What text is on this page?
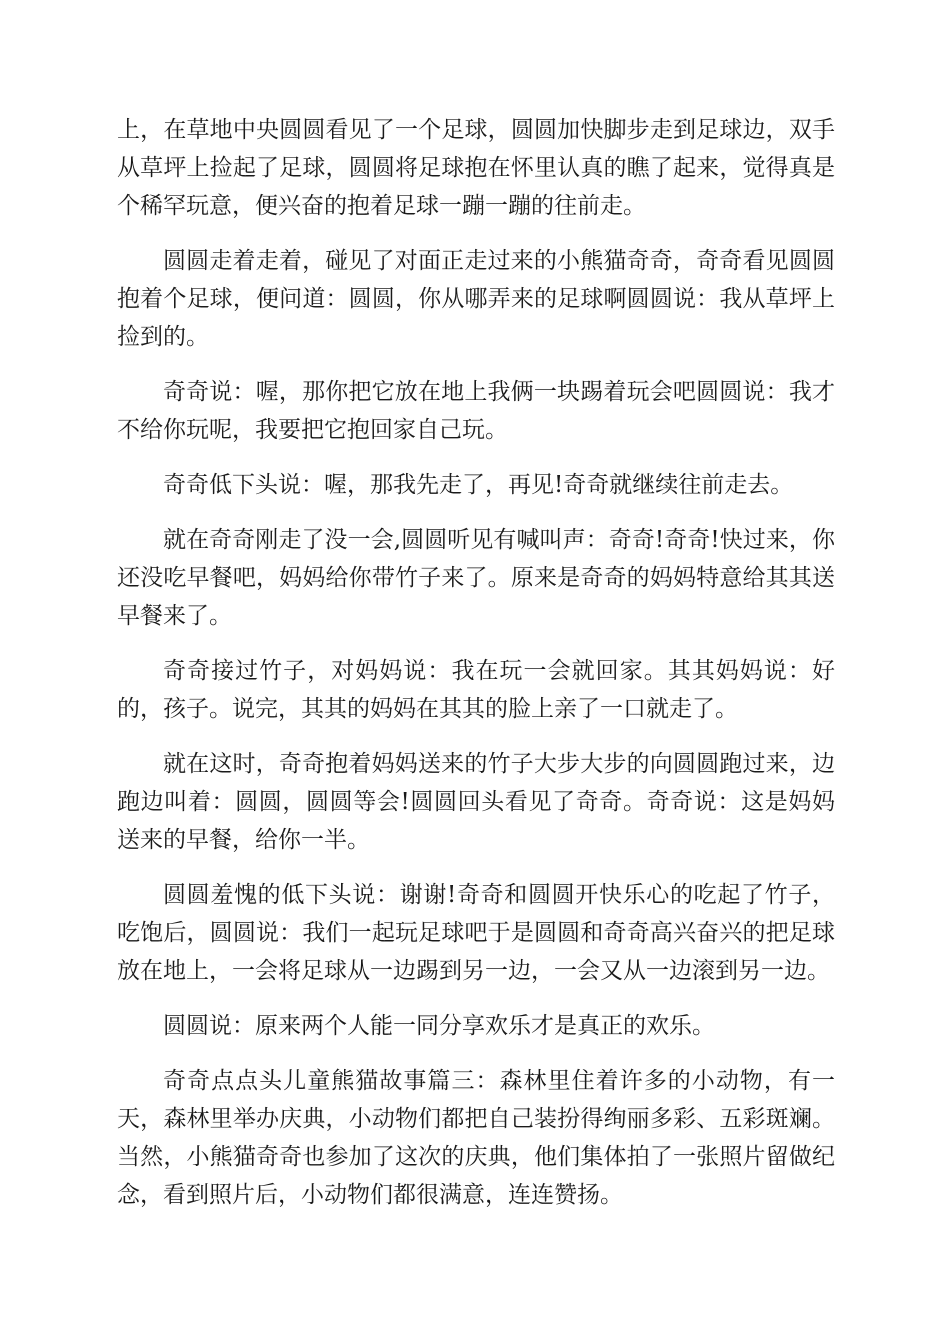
上，在草地中央圆圆看见了一个足球，圆圆加快脚步走到足球边，双手从草坪上捡起了足球，圆圆将足球抱在怀里认真的瞧了起来，觉得真是个稀罕玩意，便兴奋的抱着足球一蹦一蹦的往前走。

圆圆走着走着，碰见了对面正走过来的小熊猫奇奇，奇奇看见圆圆抱着个足球，便问道：圆圆，你从哪弄来的足球啊圆圆说：我从草坪上捡到的。

奇奇说：喔，那你把它放在地上我俩一块踢着玩会吧圆圆说：我才不给你玩呢，我要把它抱回家自己玩。

奇奇低下头说：喔，那我先走了，再见!奇奇就继续往前走去。

就在奇奇刚走了没一会,圆圆听见有喊叫声：奇奇!奇奇!快过来，你还没吃早餐吧，妈妈给你带竹子来了。原来是奇奇的妈妈特意给其其送早餐来了。

奇奇接过竹子，对妈妈说：我在玩一会就回家。其其妈妈说：好的，孩子。说完，其其的妈妈在其其的脸上亲了一口就走了。

就在这时，奇奇抱着妈妈送来的竹子大步大步的向圆圆跑过来，边跑边叫着：圆圆，圆圆等会!圆圆回头看见了奇奇。奇奇说：这是妈妈送来的早餐，给你一半。

圆圆羞愧的低下头说：谢谢!奇奇和圆圆开快乐心的吃起了竹子，吃饱后，圆圆说：我们一起玩足球吧于是圆圆和奇奇高兴奋兴的把足球放在地上，一会将足球从一边踢到另一边，一会又从一边滚到另一边。

圆圆说：原来两个人能一同分享欢乐才是真正的欢乐。

奇奇点点头儿童熊猫故事篇三：森林里住着许多的小动物，有一天，森林里举办庆典，小动物们都把自己装扮得绚丽多彩、五彩斑斓。当然，小熊猫奇奇也参加了这次的庆典，他们集体拍了一张照片留做纪念，看到照片后，小动物们都很满意，连连赞扬。
